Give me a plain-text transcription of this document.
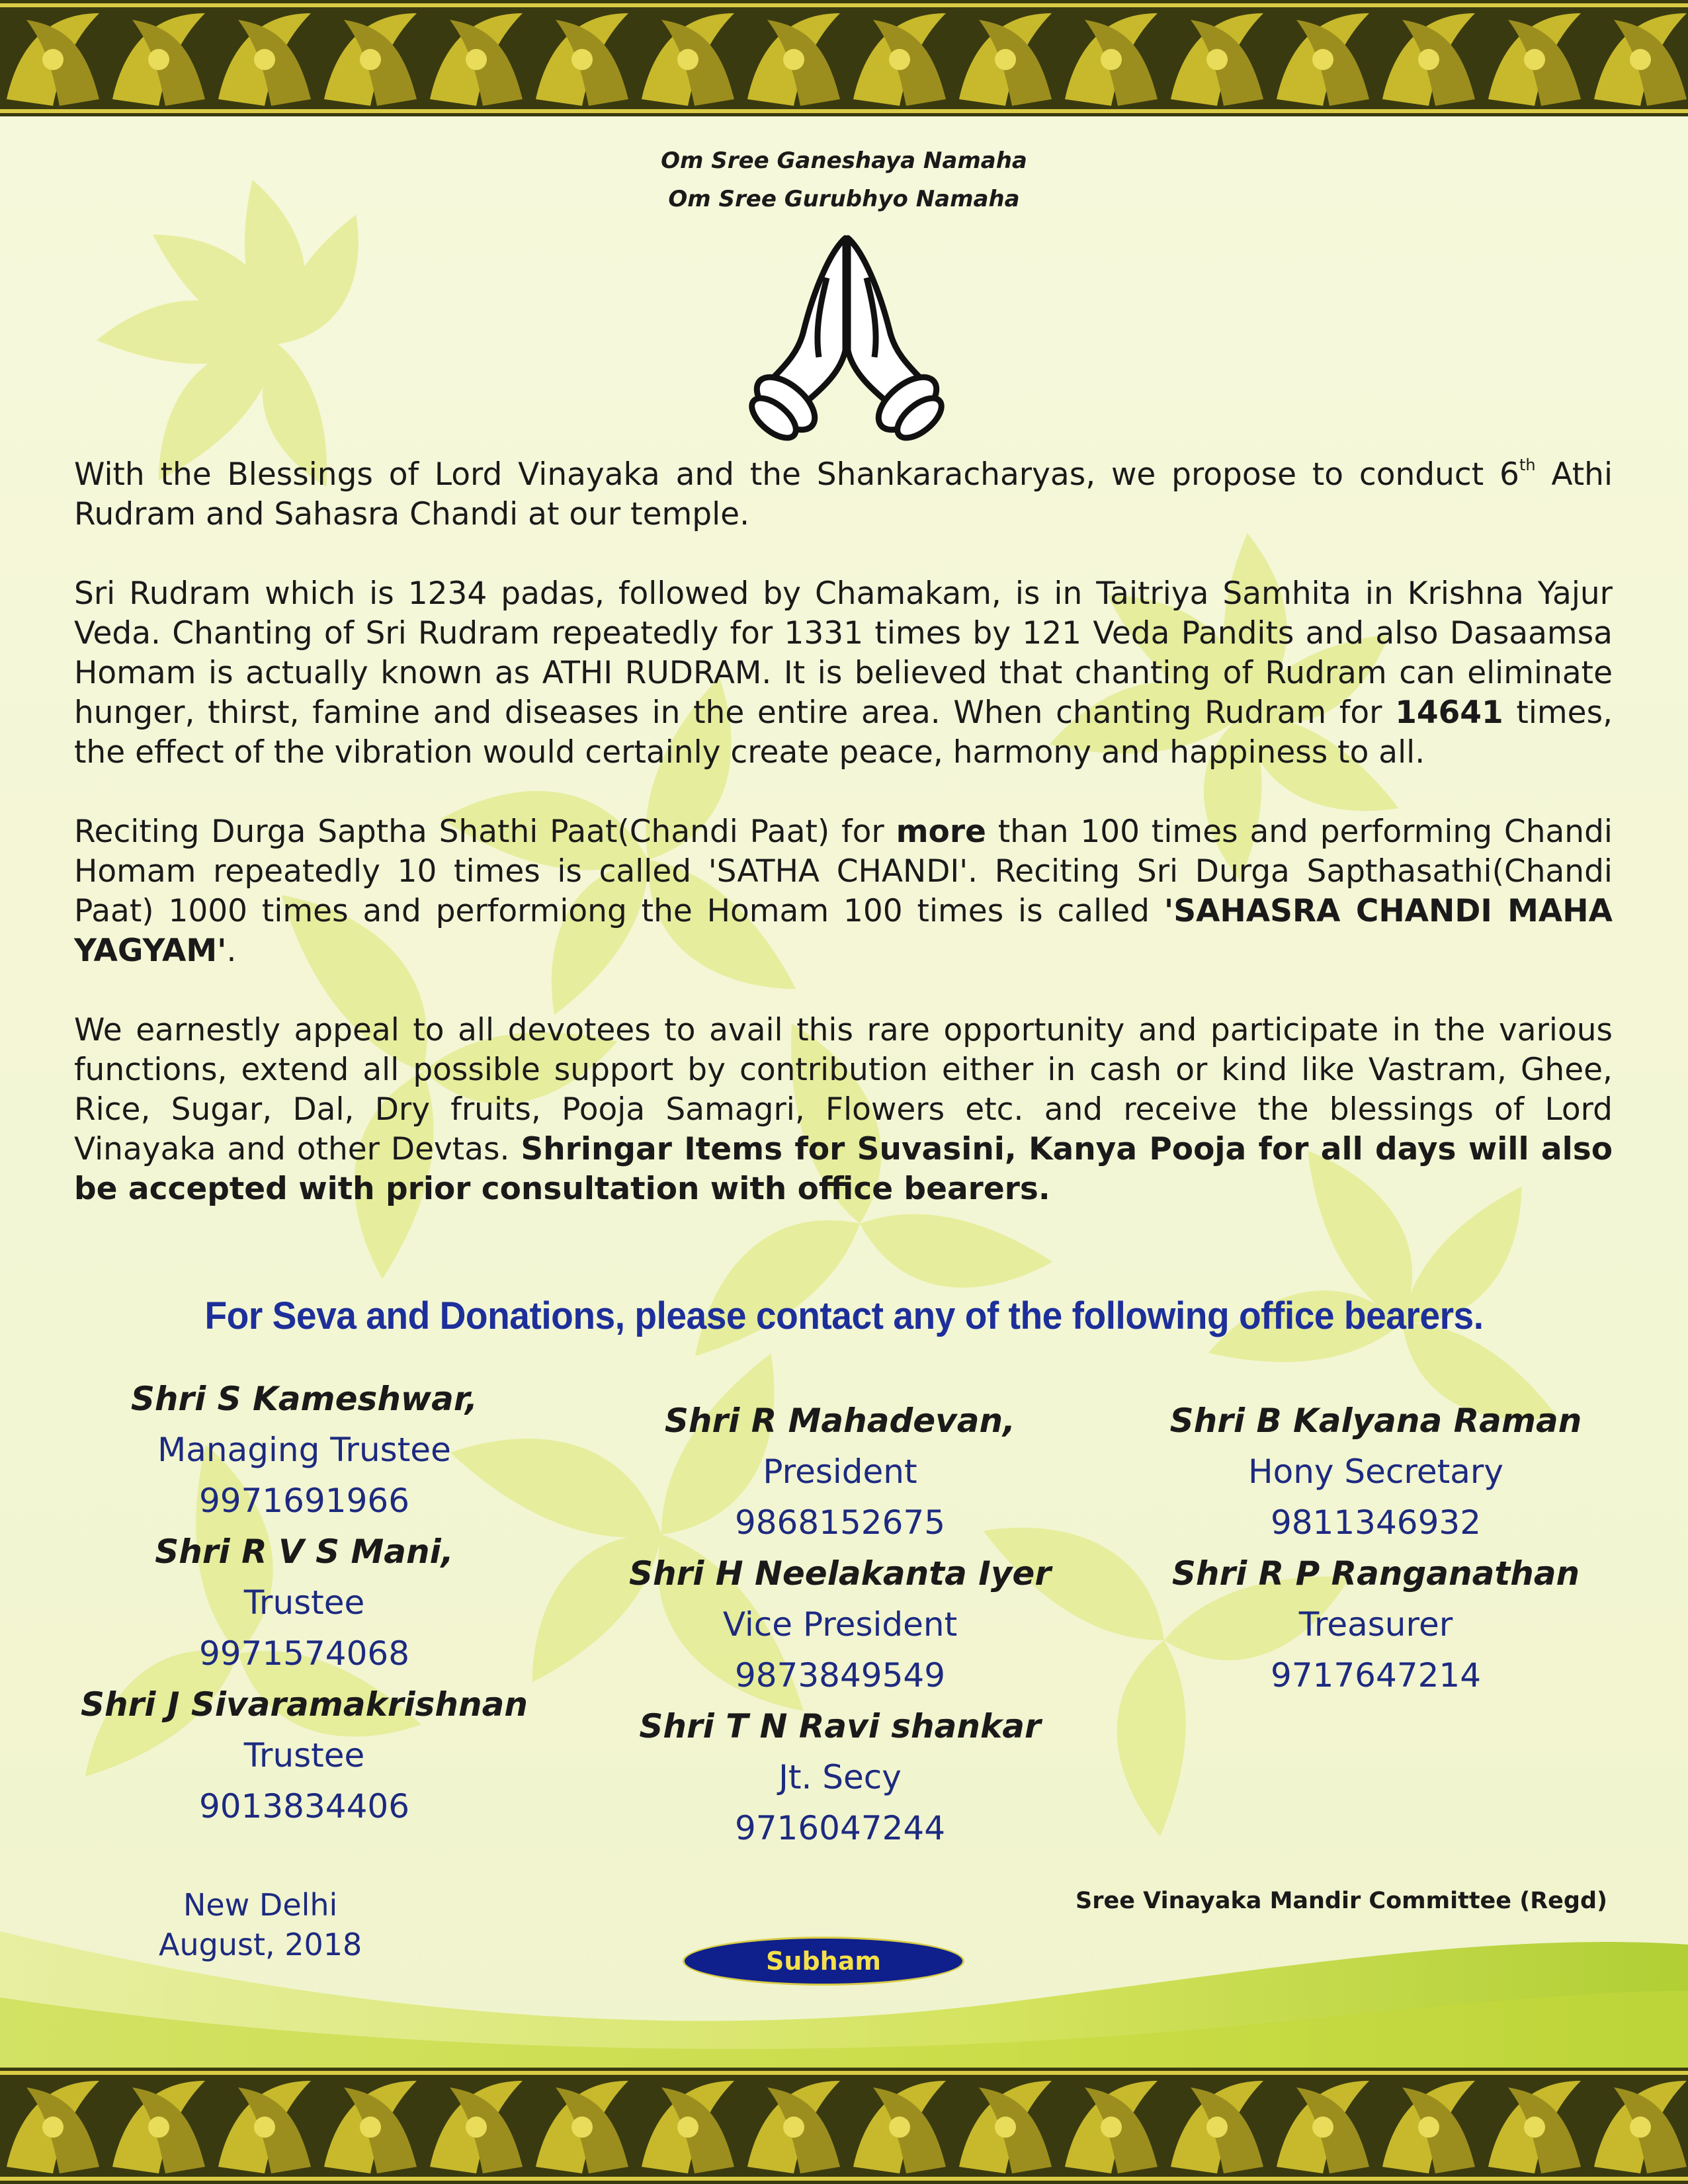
Om Sree Ganeshaya Namaha
Om Sree Gurubhyo Namaha

With the Blessings of Lord Vinayaka and the Shankaracharyas, we propose to conduct 6th Athi Rudram and Sahasra Chandi at our temple.

Sri Rudram which is 1234 padas, followed by Chamakam, is in Taitriya Samhita in Krishna Yajur Veda. Chanting of Sri Rudram repeatedly for 1331 times by 121 Veda Pandits and also Dasaamsa Homam is actually known as ATHI RUDRAM. It is believed that chanting of Rudram can eliminate hunger, thirst, famine and diseases in the entire area. When chanting Rudram for 14641 times, the effect of the vibration would certainly create peace, harmony and happiness to all.

Reciting Durga Saptha Shathi Paat(Chandi Paat) for more than 100 times and performing Chandi Homam repeatedly 10 times is called 'SATHA CHANDI'. Reciting Sri Durga Sapthasathi(Chandi Paat) 1000 times and performiong the Homam 100 times is called 'SAHASRA CHANDI MAHA YAGYAM'.

We earnestly appeal to all devotees to avail this rare opportunity and participate in the various functions, extend all possible support by contribution either in cash or kind like Vastram, Ghee, Rice, Sugar, Dal, Dry fruits, Pooja Samagri, Flowers etc. and receive the blessings of Lord Vinayaka and other Devtas. Shringar Items for Suvasini, Kanya Pooja for all days will also be accepted with prior consultation with office bearers.

For Seva and Donations, please contact any of the following office bearers.
Shri S Kameshwar,
Managing Trustee
9971691966
Shri R V S Mani,
Trustee
9971574068
Shri J Sivaramakrishnan
Trustee
9013834406
Shri R Mahadevan,
President
9868152675
Shri H Neelakanta Iyer
Vice President
9873849549
Shri T N Ravi shankar
Jt. Secy
9716047244
Shri B Kalyana Raman
Hony Secretary
9811346932
Shri R P Ranganathan
Treasurer
9717647214
New Delhi
August, 2018
Sree Vinayaka Mandir Committee (Regd)
Subham
